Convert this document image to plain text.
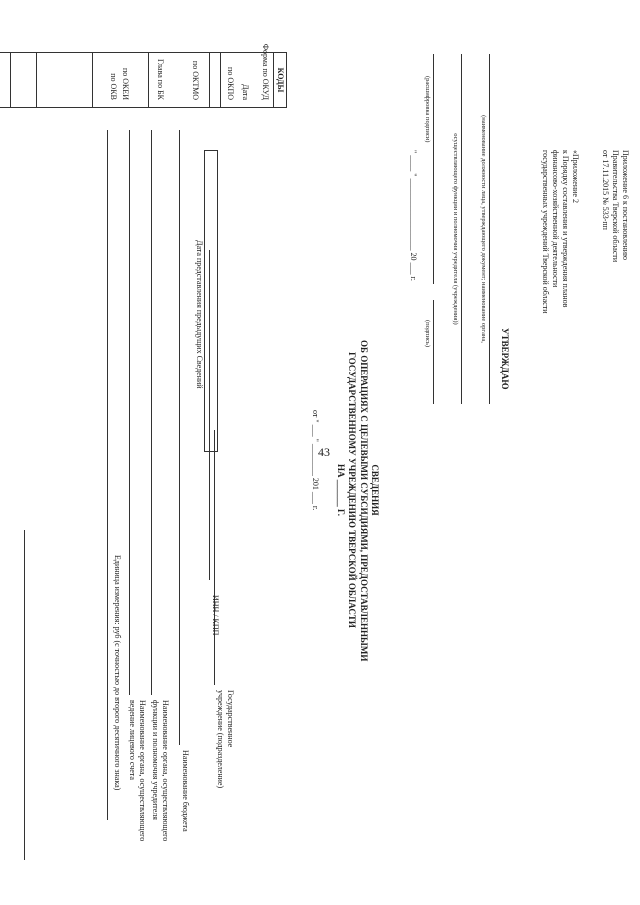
43
Приложение 6 к постановлению
Правительства Тверской области
от 17.11.2015 № 533-пп
«Приложение 2
к Порядку составления и утверждения планов
финансово-хозяйственной деятельности
государственных учреждений Тверской области
УТВЕРЖДАЮ
(наименование должности лица, утверждающего документ; наименование органа,
осуществляющего функции и полномочия учредителя (учреждения))
(подпись)
(расшифровка подписи)
" ____ " __________________ 20 ___ г.
СВЕДЕНИЯ
ОБ ОПЕРАЦИЯХ С ЦЕЛЕВЫМИ СУБСИДИЯМИ, ПРЕДОСТАВЛЕННЫМИ
ГОСУДАРСТВЕННОМУ УЧРЕЖДЕНИЮ ТВЕРСКОЙ ОБЛАСТИ
НА ______ Г.
от " ___ " ________ 201 ___ г.
КОДЫ

Форма по ОКУД
Дата
по ОКПО
Дата представления предыдущих Сведений
по ОКТМО
Глава по БК
по ОКЕИ
по ОКВ
Государственное
учреждение (подразделение)
ИНН / КПП
Наименование бюджета
Наименование органа, осуществляющего
функции и полномочия учредителя
Наименование органа, осуществляющего
ведение лицевого счета
Единица измерения: руб (с точностью до второго десятичного знака)
